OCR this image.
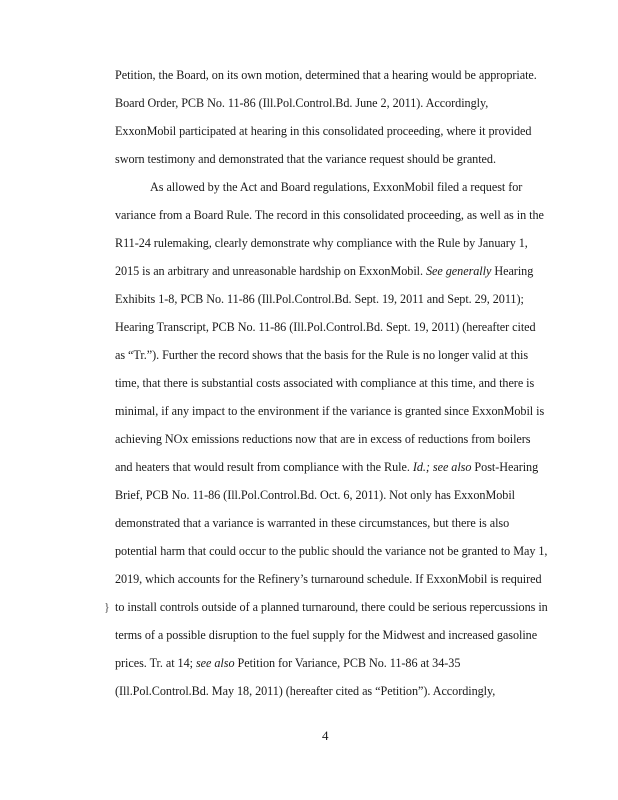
Petition, the Board, on its own motion, determined that a hearing would be appropriate.
Board Order, PCB No. 11-86 (Ill.Pol.Control.Bd. June 2, 2011). Accordingly,
ExxonMobil participated at hearing in this consolidated proceeding, where it provided
sworn testimony and demonstrated that the variance request should be granted.
As allowed by the Act and Board regulations, ExxonMobil filed a request for
variance from a Board Rule. The record in this consolidated proceeding, as well as in the
R11-24 rulemaking, clearly demonstrate why compliance with the Rule by January 1,
2015 is an arbitrary and unreasonable hardship on ExxonMobil. See generally Hearing
Exhibits 1-8, PCB No. 11-86 (Ill.Pol.Control.Bd. Sept. 19, 2011 and Sept. 29, 2011);
Hearing Transcript, PCB No. 11-86 (Ill.Pol.Control.Bd. Sept. 19, 2011) (hereafter cited
as “Tr.”). Further the record shows that the basis for the Rule is no longer valid at this
time, that there is substantial costs associated with compliance at this time, and there is
minimal, if any impact to the environment if the variance is granted since ExxonMobil is
achieving NOx emissions reductions now that are in excess of reductions from boilers
and heaters that would result from compliance with the Rule. Id.; see also Post-Hearing
Brief, PCB No. 11-86 (Ill.Pol.Control.Bd. Oct. 6, 2011). Not only has ExxonMobil
demonstrated that a variance is warranted in these circumstances, but there is also
potential harm that could occur to the public should the variance not be granted to May 1,
2019, which accounts for the Refinery’s turnaround schedule. If ExxonMobil is required
to install controls outside of a planned turnaround, there could be serious repercussions in
terms of a possible disruption to the fuel supply for the Midwest and increased gasoline
prices. Tr. at 14; see also Petition for Variance, PCB No. 11-86 at 34-35
(Ill.Pol.Control.Bd. May 18, 2011) (hereafter cited as “Petition”). Accordingly,
}
4
